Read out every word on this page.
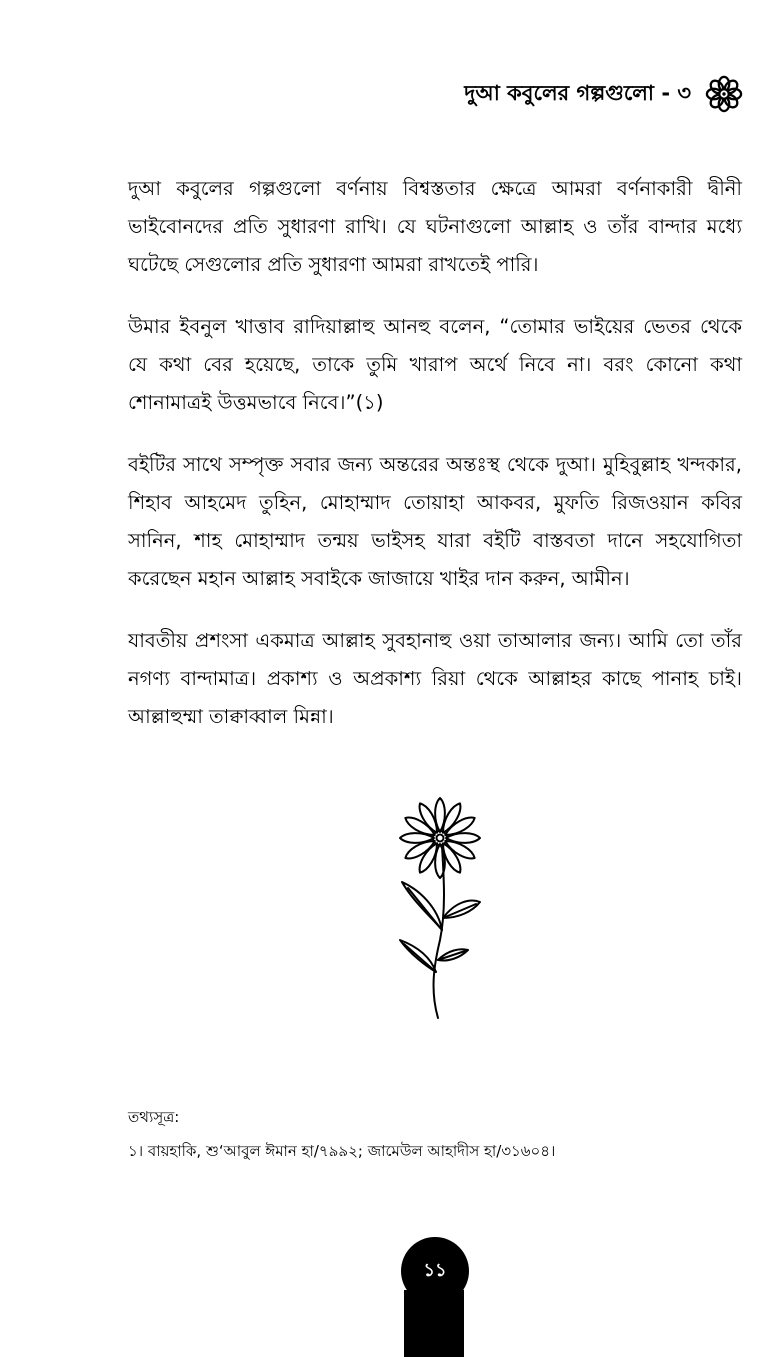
দুআ কবুলের গল্পগুলো - ৩

দুআ কবুলের গল্পগুলো বর্ণনায় বিশ্বস্ততার ক্ষেত্রে আমরা বর্ণনাকারী দ্বীনী ভাইবোনদের প্রতি সুধারণা রাখি। যে ঘটনাগুলো আল্লাহ ও তাঁর বান্দার মধ্যে ঘটেছে সেগুলোর প্রতি সুধারণা আমরা রাখতেই পারি।

উমার ইবনুল খাত্তাব রাদিয়াল্লাহু আনহু বলেন, “তোমার ভাইয়ের ভেতর থেকে যে কথা বের হয়েছে, তাকে তুমি খারাপ অর্থে নিবে না। বরং কোনো কথা শোনামাত্রই উত্তমভাবে নিবে।”(১)

বইটির সাথে সম্পৃক্ত সবার জন্য অন্তরের অন্তঃস্থ থেকে দুআ। মুহিবুল্লাহ খন্দকার, শিহাব আহমেদ তুহিন, মোহাম্মাদ তোয়াহা আকবর, মুফতি রিজওয়ান কবির সানিন, শাহ মোহাম্মাদ তন্ময় ভাইসহ যারা বইটি বাস্তবতা দানে সহযোগিতা করেছেন মহান আল্লাহ সবাইকে জাজায়ে খাইর দান করুন, আমীন।

যাবতীয় প্রশংসা একমাত্র আল্লাহ সুবহানাহু ওয়া তাআলার জন্য। আমি তো তাঁর নগণ্য বান্দামাত্র। প্রকাশ্য ও অপ্রকাশ্য রিয়া থেকে আল্লাহর কাছে পানাহ চাই। আল্লাহুম্মা তাক্বাব্বাল মিন্না।

তথ্যসূত্র:
১। বায়হাকি, শু‘আবুল ঈমান হা/৭৯৯২; জামেউল আহাদীস হা/৩১৬০৪।
১১
